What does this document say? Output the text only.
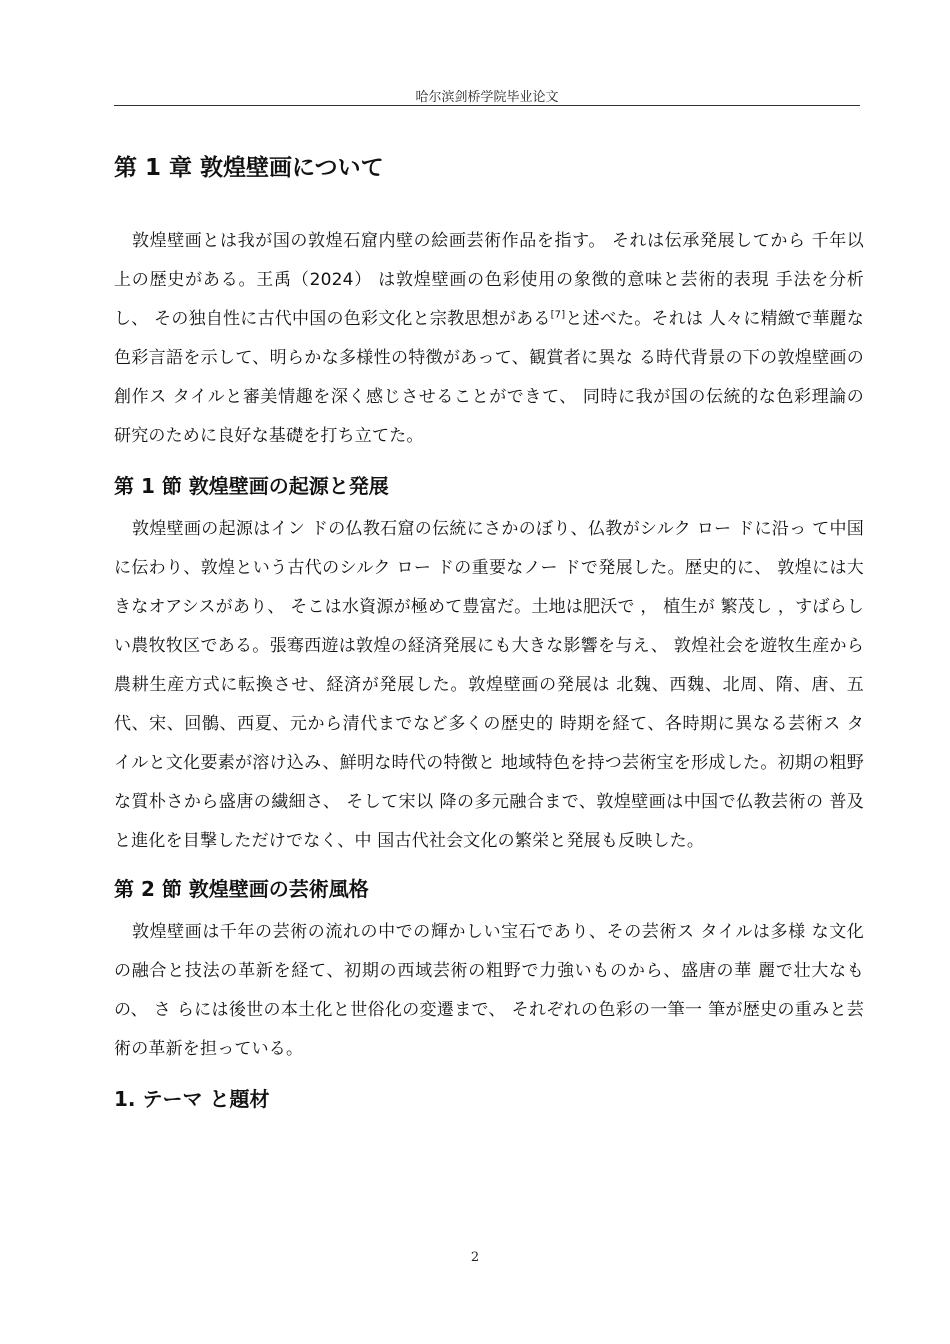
哈尔滨剑桥学院毕业论文
第 1 章 敦煌壁画について

敦煌壁画とは我が国の敦煌石窟内壁の絵画芸術作品を指す。 それは伝承発展してから 千年以上の歴史がある。王禹（2024） は敦煌壁画の色彩使用の象徴的意味と芸術的表現 手法を分析し、 その独自性に古代中国の色彩文化と宗教思想がある[7]と述べた。それは 人々に精緻で華麗な色彩言語を示して、明らかな多様性の特徴があって、観賞者に異な る時代背景の下の敦煌壁画の創作ス タイルと審美情趣を深く感じさせることができて、 同時に我が国の伝統的な色彩理論の研究のために良好な基礎を打ち立てた。

第 1 節 敦煌壁画の起源と発展

敦煌壁画の起源はイン ドの仏教石窟の伝統にさかのぼり、仏教がシルク ロー ドに沿っ て中国に伝わり、敦煌という古代のシルク ロー ドの重要なノー ドで発展した。歴史的に、 敦煌には大きなオアシスがあり、 そこは水資源が極めて豊富だ。土地は肥沃で ， 植生が 繁茂し ，すばらしい農牧牧区である。張骞西遊は敦煌の経済発展にも大きな影響を与え、 敦煌社会を遊牧生産から農耕生産方式に転換させ、経済が発展した。敦煌壁画の発展は 北魏、西魏、北周、隋、唐、五代、宋、回鶻、西夏、元から清代までなど多くの歴史的 時期を経て、各時期に異なる芸術ス タイルと文化要素が溶け込み、鮮明な時代の特徴と 地域特色を持つ芸術宝を形成した。初期の粗野な質朴さから盛唐の繊細さ、 そして宋以 降の多元融合まで、敦煌壁画は中国で仏教芸術の 普及と進化を目撃しただけでなく、中 国古代社会文化の繁栄と発展も反映した。

第 2 節 敦煌壁画の芸術風格

敦煌壁画は千年の芸術の流れの中での輝かしい宝石であり、その芸術ス タイルは多様 な文化の融合と技法の革新を経て、初期の西域芸術の粗野で力強いものから、盛唐の華 麗で壮大なもの、 さ らには後世の本土化と世俗化の変遷まで、 それぞれの色彩の一筆一 筆が歴史の重みと芸術の革新を担っている。

1. テーマ と題材
2
